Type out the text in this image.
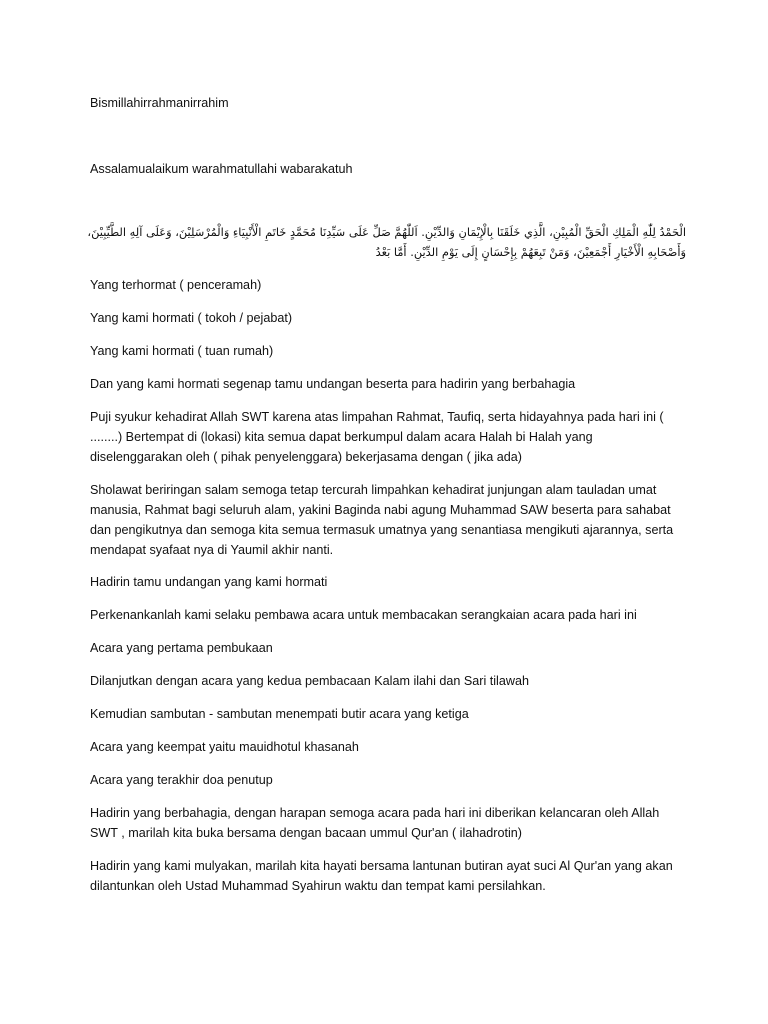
Bismillahirrahmanirrahim

Assalamualaikum warahmatullahi wabarakatuh

الْحَمْدُ لِلّٰهِ الْمَلِكِ الْحَقِّ الْمُبِيْنِ، الَّذِي خَلَقَنَا بِالْإِيْمَانِ وَالدِّيْنِ. اَللّٰهُمَّ صَلِّ عَلَى سَيِّدِنَا مُحَمَّدٍ خَاتَمِ الْأَنْبِيَاءِ وَالْمُرْسَلِيْنَ، وَعَلَى آلِهِ الطَّيِّبِيْنَ،

وَأَصْحَابِهِ الْأَخْيَارِ أَجْمَعِيْنَ، وَمَنْ تَبِعَهُمْ بِإِحْسَانٍ إِلَى يَوْمِ الدِّيْنِ. أَمَّا بَعْدُ

Yang terhormat ( penceramah)

Yang kami hormati ( tokoh / pejabat)

Yang kami hormati ( tuan rumah)

Dan yang kami hormati segenap tamu undangan beserta para hadirin yang berbahagia

Puji syukur kehadirat Allah SWT karena atas limpahan Rahmat, Taufiq, serta hidayahnya pada hari ini ( ........) Bertempat di (lokasi) kita semua dapat berkumpul dalam acara Halah bi Halah yang diselenggarakan oleh ( pihak penyelenggara) bekerjasama dengan ( jika ada)

Sholawat beriringan salam semoga tetap tercurah limpahkan kehadirat junjungan alam tauladan umat manusia, Rahmat bagi seluruh alam, yakini Baginda nabi agung Muhammad SAW beserta para sahabat dan pengikutnya dan semoga kita semua termasuk umatnya yang senantiasa mengikuti ajarannya, serta mendapat syafaat nya di Yaumil akhir nanti.

Hadirin tamu undangan yang kami hormati

Perkenankanlah kami selaku pembawa acara untuk membacakan serangkaian acara pada hari ini

Acara yang pertama pembukaan

Dilanjutkan dengan acara yang kedua pembacaan Kalam ilahi dan Sari tilawah

Kemudian sambutan - sambutan menempati butir acara yang ketiga

Acara yang keempat yaitu mauidhotul khasanah

Acara yang terakhir doa penutup

Hadirin yang berbahagia, dengan harapan semoga acara pada hari ini diberikan kelancaran oleh Allah SWT , marilah kita buka bersama dengan bacaan ummul Qur'an ( ilahadrotin)

Hadirin yang kami mulyakan, marilah kita hayati bersama lantunan butiran ayat suci Al Qur'an yang akan dilantunkan oleh Ustad Muhammad Syahirun waktu dan tempat kami persilahkan.
